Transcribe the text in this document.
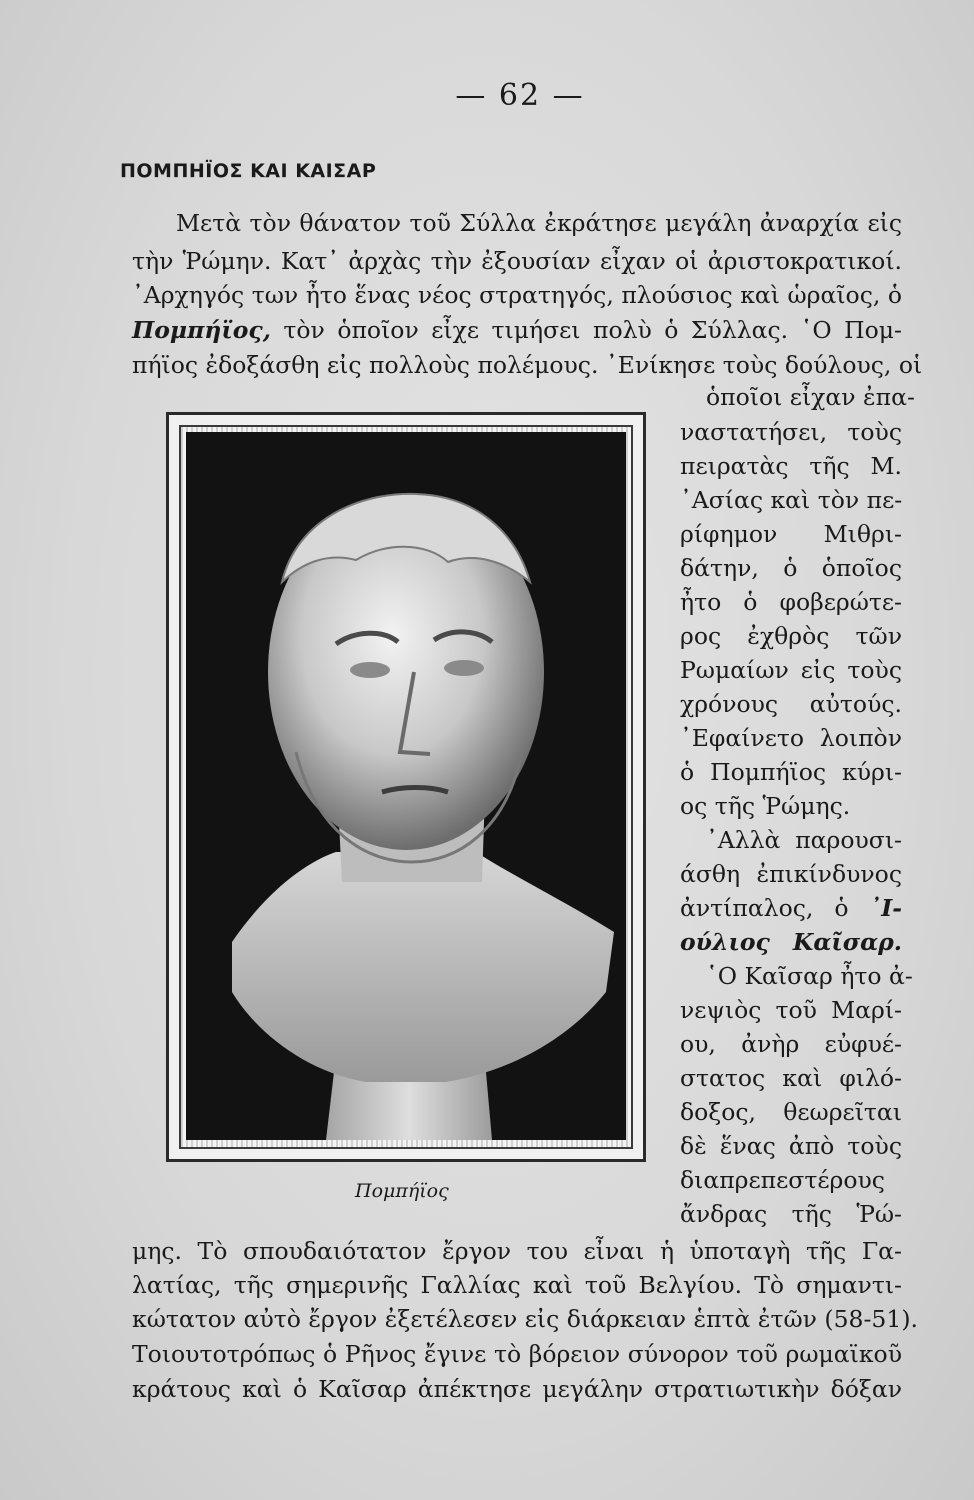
— 62 —
ΠΟΜΠΗΪΟΣ ΚΑΙ ΚΑΙΣΑΡ
Μετὰ τὸν θάνατον τοῦ Σύλλα ἐκράτησε μεγάλη ἀναρχία εἰς
τὴν Ῥώμην. Κατ᾽ ἀρχὰς τὴν ἐξουσίαν εἶχαν οἱ ἀριστοκρατικοί.
᾽Αρχηγός των ἦτο ἕνας νέος στρατηγός, πλούσιος καὶ ὡραῖος, ὁ
Πομπήϊος, τὸν ὁποῖον εἶχε τιμήσει πολὺ ὁ Σύλλας. ῾Ο Πομ-
πήϊος ἐδοξάσθη εἰς πολλοὺς πολέμους. ᾽Ενίκησε τοὺς δούλους, οἱ
Πομπήϊος
ὁποῖοι εἶχαν ἐπα-
ναστατήσει, τοὺς
πειρατὰς τῆς Μ.
᾽Ασίας καὶ τὸν πε-
ρίφημον Μιθρι-
δάτην, ὁ ὁποῖος
ἦτο ὁ φοβερώτε-
ρος ἐχθρὸς τῶν
Ρωμαίων εἰς τοὺς
χρόνους αὐτούς.
᾽Εφαίνετο λοιπὸν
ὁ Πομπήϊος κύρι-
ος τῆς Ῥώμης.
᾽Αλλὰ παρουσι-
άσθη ἐπικίνδυνος
ἀντίπαλος, ὁ ᾽Ι-
ούλιος Καῖσαρ.
῾Ο Καῖσαρ ἦτο ἀ-
νεψιὸς τοῦ Μαρί-
ου, ἀνὴρ εὐφυέ-
στατος καὶ φιλό-
δοξος, θεωρεῖται
δὲ ἕνας ἀπὸ τοὺς
διαπρεπεστέρους
ἄνδρας τῆς Ῥώ-
μης. Τὸ σπουδαιότατον ἔργον του εἶναι ἡ ὑποταγὴ τῆς Γα-
λατίας, τῆς σημερινῆς Γαλλίας καὶ τοῦ Βελγίου. Τὸ σημαντι-
κώτατον αὐτὸ ἔργον ἐξετέλεσεν εἰς διάρκειαν ἑπτὰ ἐτῶν (58-51).
Τοιουτοτρόπως ὁ Ρῆνος ἔγινε τὸ βόρειον σύνορον τοῦ ρωμαϊκοῦ
κράτους καὶ ὁ Καῖσαρ ἀπέκτησε μεγάλην στρατιωτικὴν δόξαν
